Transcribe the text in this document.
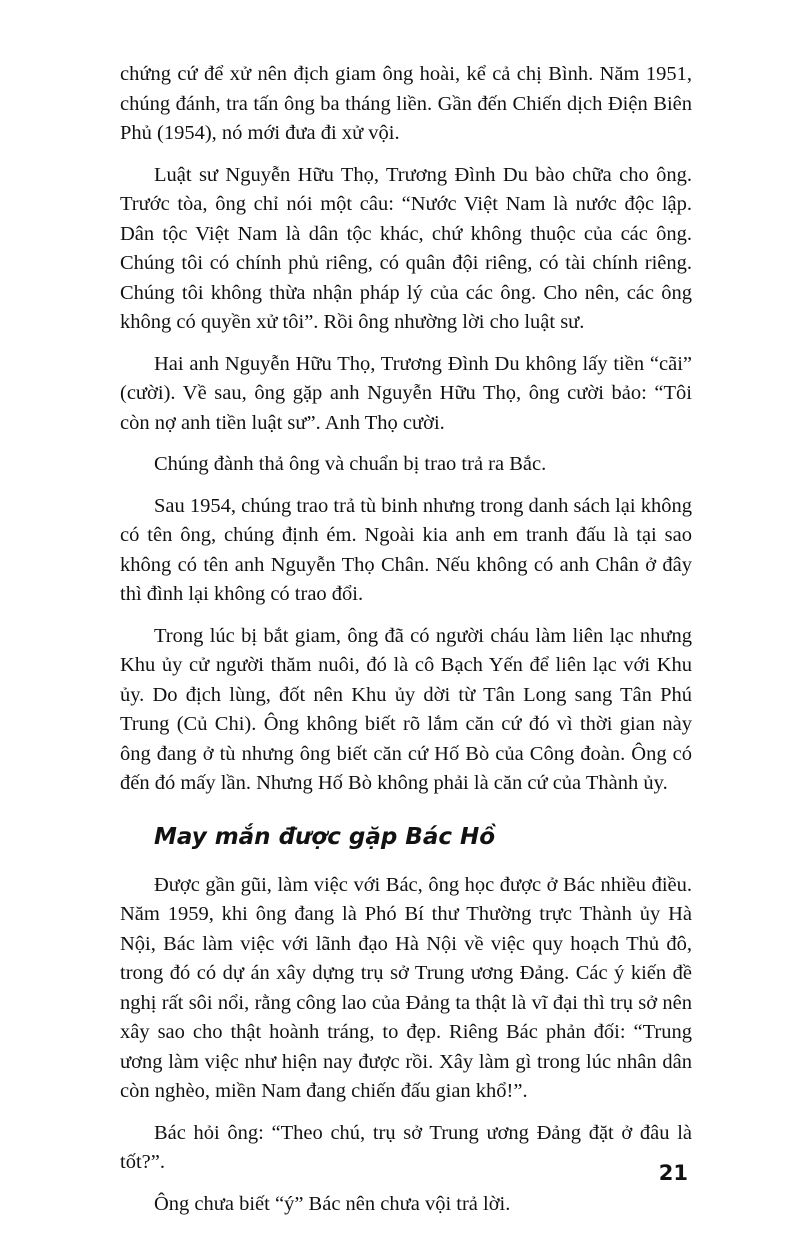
chứng cứ để xử nên địch giam ông hoài, kể cả chị Bình. Năm 1951, chúng đánh, tra tấn ông ba tháng liền. Gần đến Chiến dịch Điện Biên Phủ (1954), nó mới đưa đi xử vội.

Luật sư Nguyễn Hữu Thọ, Trương Đình Du bào chữa cho ông. Trước tòa, ông chỉ nói một câu: “Nước Việt Nam là nước độc lập. Dân tộc Việt Nam là dân tộc khác, chứ không thuộc của các ông. Chúng tôi có chính phủ riêng, có quân đội riêng, có tài chính riêng. Chúng tôi không thừa nhận pháp lý của các ông. Cho nên, các ông không có quyền xử tôi”. Rồi ông nhường lời cho luật sư.

Hai anh Nguyễn Hữu Thọ, Trương Đình Du không lấy tiền “cãi” (cười). Về sau, ông gặp anh Nguyễn Hữu Thọ, ông cười bảo: “Tôi còn nợ anh tiền luật sư”. Anh Thọ cười.

Chúng đành thả ông và chuẩn bị trao trả ra Bắc.

Sau 1954, chúng trao trả tù binh nhưng trong danh sách lại không có tên ông, chúng định ém. Ngoài kia anh em tranh đấu là tại sao không có tên anh Nguyễn Thọ Chân. Nếu không có anh Chân ở đây thì đình lại không có trao đổi.

Trong lúc bị bắt giam, ông đã có người cháu làm liên lạc nhưng Khu ủy cử người thăm nuôi, đó là cô Bạch Yến để liên lạc với Khu ủy. Do địch lùng, đốt nên Khu ủy dời từ Tân Long sang Tân Phú Trung (Củ Chi). Ông không biết rõ lắm căn cứ đó vì thời gian này ông đang ở tù nhưng ông biết căn cứ Hố Bò của Công đoàn. Ông có đến đó mấy lần. Nhưng Hố Bò không phải là căn cứ của Thành ủy.

May mắn được gặp Bác Hồ

Được gần gũi, làm việc với Bác, ông học được ở Bác nhiều điều. Năm 1959, khi ông đang là Phó Bí thư Thường trực Thành ủy Hà Nội, Bác làm việc với lãnh đạo Hà Nội về việc quy hoạch Thủ đô, trong đó có dự án xây dựng trụ sở Trung ương Đảng. Các ý kiến đề nghị rất sôi nổi, rằng công lao của Đảng ta thật là vĩ đại thì trụ sở nên xây sao cho thật hoành tráng, to đẹp. Riêng Bác phản đối: “Trung ương làm việc như hiện nay được rồi. Xây làm gì trong lúc nhân dân còn nghèo, miền Nam đang chiến đấu gian khổ!”.

Bác hỏi ông: “Theo chú, trụ sở Trung ương Đảng đặt ở đâu là tốt?”.

Ông chưa biết “ý” Bác nên chưa vội trả lời.

21
